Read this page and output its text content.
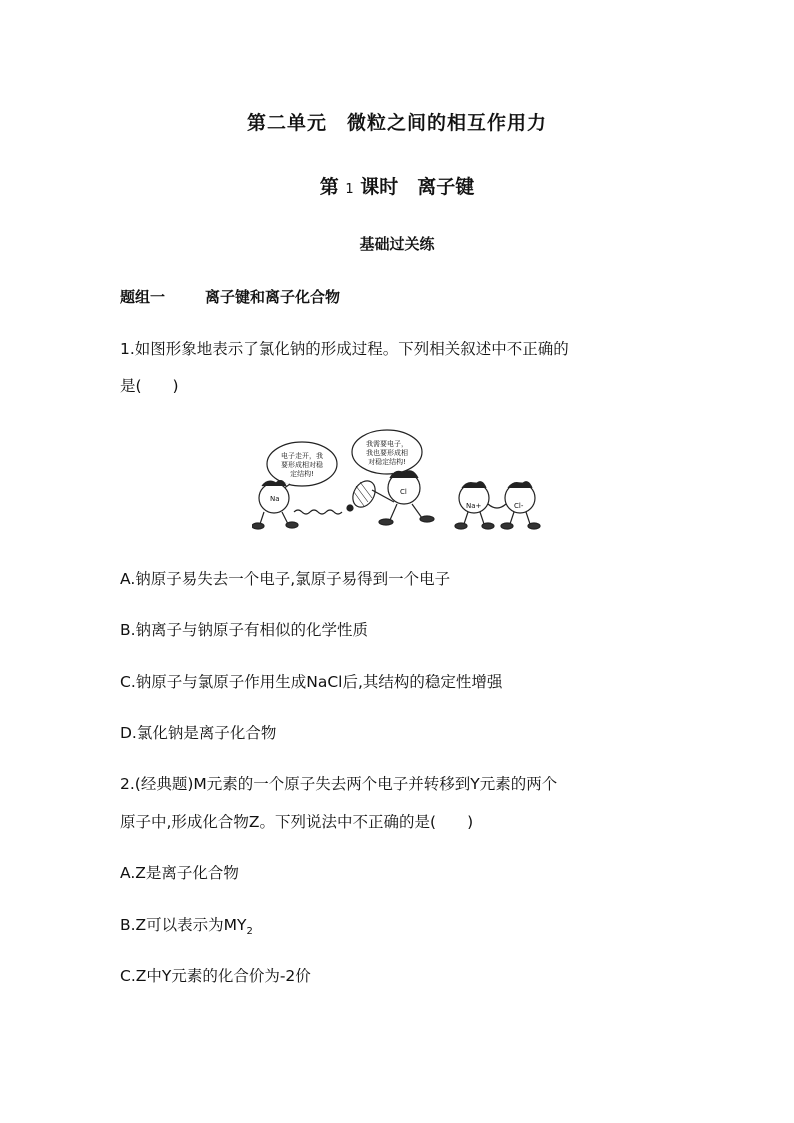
第二单元　微粒之间的相互作用力
第 1 课时　离子键
基础过关练
题组一	离子键和离子化合物
1.如图形象地表示了氯化钠的形成过程。下列相关叙述中不正确的
是(　　)
电子走开，我
要形成相对稳
定结构!
我需要电子，
我也要形成相
对稳定结构!
Na
Cl
Na+	Cl-
A.钠原子易失去一个电子,氯原子易得到一个电子
B.钠离子与钠原子有相似的化学性质
C.钠原子与氯原子作用生成NaCl后,其结构的稳定性增强
D.氯化钠是离子化合物
2.(经典题)M元素的一个原子失去两个电子并转移到Y元素的两个
原子中,形成化合物Z。下列说法中不正确的是(　　)
A.Z是离子化合物
B.Z可以表示为$MY_2$
C.Z中Y元素的化合价为-2价
